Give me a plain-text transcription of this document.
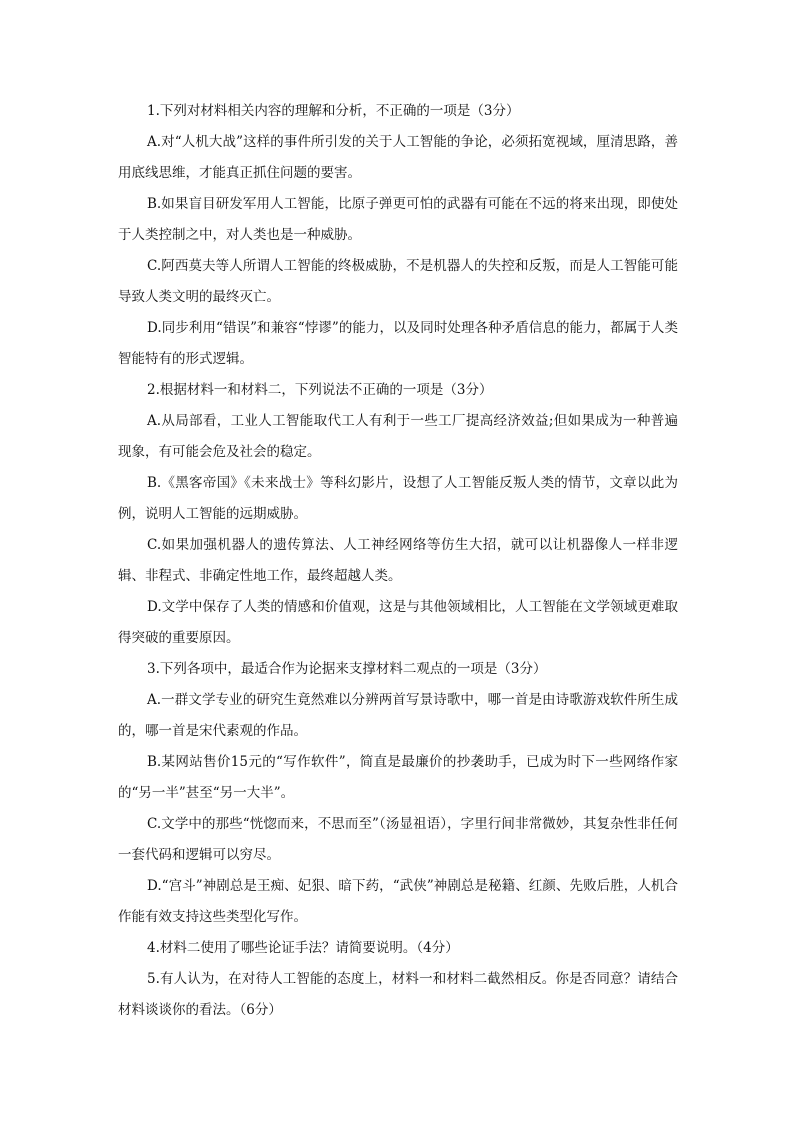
1.下列对材料相关内容的理解和分析，不正确的一项是（3分）

A.对“人机大战”这样的事件所引发的关于人工智能的争论，必须拓宽视域，厘清思路，善用底线思维，才能真正抓住问题的要害。

B.如果盲目研发军用人工智能，比原子弹更可怕的武器有可能在不远的将来出现，即使处于人类控制之中，对人类也是一种威胁。

C.阿西莫夫等人所谓人工智能的终极威胁，不是机器人的失控和反叛，而是人工智能可能导致人类文明的最终灭亡。

D.同步利用“错误”和兼容“悖谬”的能力，以及同时处理各种矛盾信息的能力，都属于人类智能特有的形式逻辑。

2.根据材料一和材料二，下列说法不正确的一项是（3分）

A.从局部看，工业人工智能取代工人有利于一些工厂提高经济效益;但如果成为一种普遍现象，有可能会危及社会的稳定。

B.《黑客帝国》《未来战士》等科幻影片，设想了人工智能反叛人类的情节，文章以此为例，说明人工智能的远期威胁。

C.如果加强机器人的遗传算法、人工神经网络等仿生大招，就可以让机器像人一样非逻辑、非程式、非确定性地工作，最终超越人类。

D.文学中保存了人类的情感和价值观，这是与其他领域相比，人工智能在文学领域更难取得突破的重要原因。

3.下列各项中，最适合作为论据来支撑材料二观点的一项是（3分）

A.一群文学专业的研究生竟然难以分辨两首写景诗歌中，哪一首是由诗歌游戏软件所生成的，哪一首是宋代素观的作品。

B.某网站售价15元的“写作软件”，简直是最廉价的抄袭助手，已成为时下一些网络作家的“另一半”甚至“另一大半”。

C.文学中的那些“恍惚而来，不思而至”（汤显祖语），字里行间非常微妙，其复杂性非任何一套代码和逻辑可以穷尽。

D.“宫斗”神剧总是王痴、妃狠、暗下药，“武侠”神剧总是秘籍、红颜、先败后胜，人机合作能有效支持这些类型化写作。

4.材料二使用了哪些论证手法？请简要说明。（4分）

5.有人认为，在对待人工智能的态度上，材料一和材料二截然相反。你是否同意？请结合材料谈谈你的看法。（6分）
